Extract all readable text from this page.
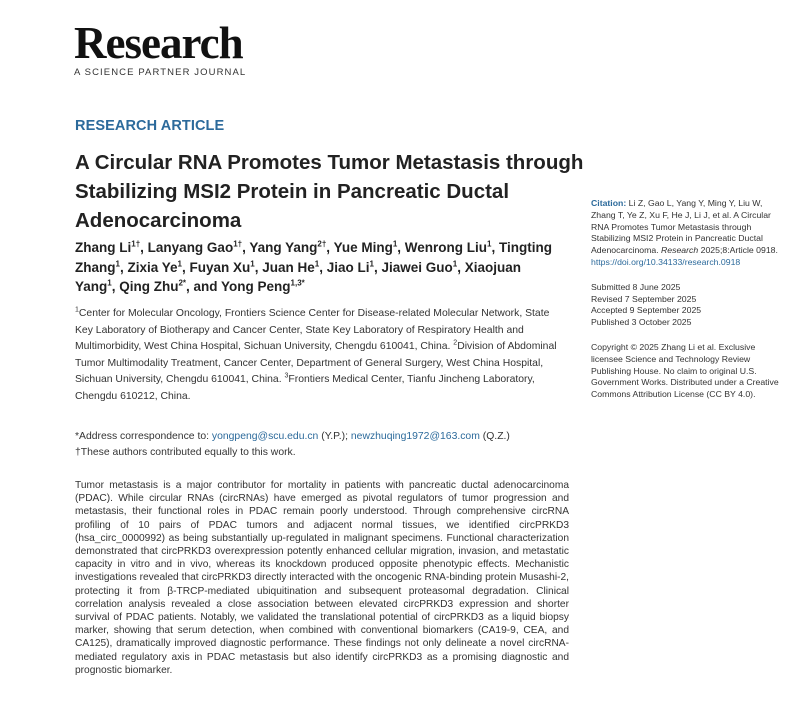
Research
A SCIENCE PARTNER JOURNAL
RESEARCH ARTICLE
A Circular RNA Promotes Tumor Metastasis through Stabilizing MSI2 Protein in Pancreatic Ductal Adenocarcinoma
Zhang $Li^{1\dagger}$, Lanyang Gao$^{1\dagger}$, Yang Yang$^{2\dagger}$, Yue Ming$^1$, Wenrong Liu$^1$, Tingting Zhang$^1$, Zixia Ye$^1$, Fuyan Xu$^1$, Juan He$^1$, Jiao Li$^1$, Jiawei Guo$^1$, Xiaojuan Yang$^1$, Qing Zhu$^{2*}$, and Yong Peng$^{1,3*}$
$^1$Center for Molecular Oncology, Frontiers Science Center for Disease-related Molecular Network, State Key Laboratory of Biotherapy and Cancer Center, State Key Laboratory of Respiratory Health and Multimorbidity, West China Hospital, Sichuan University, Chengdu 610041, China. $^2$Division of Abdominal Tumor Multimodality Treatment, Cancer Center, Department of General Surgery, West China Hospital, Sichuan University, Chengdu 610041, China. $^3$Frontiers Medical Center, Tianfu Jincheng Laboratory, Chengdu 610212, China.
*Address correspondence to: yongpeng@scu.edu.cn (Y.P.); newzhuqing1972@163.com (Q.Z.)
†These authors contributed equally to this work.

Tumor metastasis is a major contributor for mortality in patients with pancreatic ductal adenocarcinoma (PDAC). While circular RNAs (circRNAs) have emerged as pivotal regulators of tumor progression and metastasis, their functional roles in PDAC remain poorly understood. Through comprehensive circRNA profiling of 10 pairs of PDAC tumors and adjacent normal tissues, we identified circPRKD3 (hsa_circ_0000992) as being substantially up-regulated in malignant specimens. Functional characterization demonstrated that circPRKD3 overexpression potently enhanced cellular migration, invasion, and metastatic capacity in vitro and in vivo, whereas its knockdown produced opposite phenotypic effects. Mechanistic investigations revealed that circPRKD3 directly interacted with the oncogenic RNA-binding protein Musashi-2, protecting it from β-TRCP-mediated ubiquitination and subsequent proteasomal degradation. Clinical correlation analysis revealed a close association between elevated circPRKD3 expression and shorter survival of PDAC patients. Notably, we validated the translational potential of circPRKD3 as a liquid biopsy marker, showing that serum detection, when combined with conventional biomarkers (CA19-9, CEA, and CA125), dramatically improved diagnostic performance. These findings not only delineate a novel circRNA-mediated regulatory axis in PDAC metastasis but also identify circPRKD3 as a promising diagnostic and prognostic biomarker.

Citation: Li Z, Gao L, Yang Y, Ming Y, Liu W, Zhang T, Ye Z, Xu F, He J, Li J, et al. A Circular RNA Promotes Tumor Metastasis through Stabilizing MSI2 Protein in Pancreatic Ductal Adenocarcinoma. Research 2025;8:Article 0918. https://doi.org/10.34133/research.0918
Submitted 8 June 2025
Revised 7 September 2025
Accepted 9 September 2025
Published 3 October 2025
Copyright © 2025 Zhang Li et al. Exclusive licensee Science and Technology Review Publishing House. No claim to original U.S. Government Works. Distributed under a Creative Commons Attribution License (CC BY 4.0).
